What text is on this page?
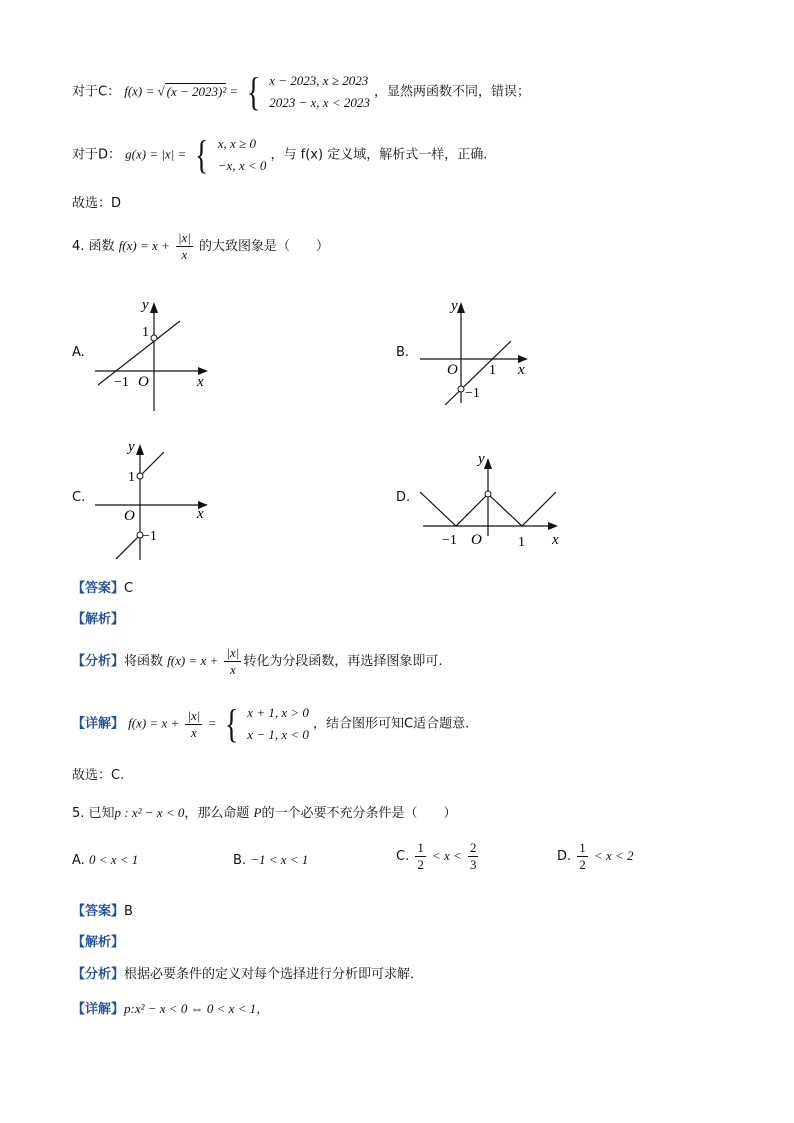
对于C： f(x) = √ (x − 2023)² = { x − 2023, x ≥ 2023
2023 − x, x < 2023
，显然两函数不同，错误；
对于D： g(x) = |x| = { x, x ≥ 0
−x, x < 0
，与 f(x) 定义域，解析式一样，正确.
故选：D
4. 函数 $f(x) = x + \frac{|x|}{x}$ 的大致图象是（　　）
A.
y
x
1
−1 O
B.
y
x
1
−1
O
C.
y
x
1
−1
O
D.
y
x
1
−1 O
【答案】C
【解析】
【分析】将函数 $f(x) = x + \frac{|x|}{x}$ 转化为分段函数，再选择图象即可.
【详解】 $f(x) = x + \frac{|x|}{x}$ = { x + 1, x > 0
x − 1, x < 0
，结合图形可知C适合题意.
故选：C.
5. 已知p : x² − x < 0，那么命题 P的一个必要不充分条件是（　　）
A. 0 < x < 1	B. −1 < x < 1	C. $\frac{1}{2} < x < \frac{2}{3}$	D. $\frac{1}{2} < x < 2$
【答案】B
【解析】
【分析】根据必要条件的定义对每个选择进行分析即可求解．
【详解】p:x² − x < 0 ⇔ 0 < x < 1，
